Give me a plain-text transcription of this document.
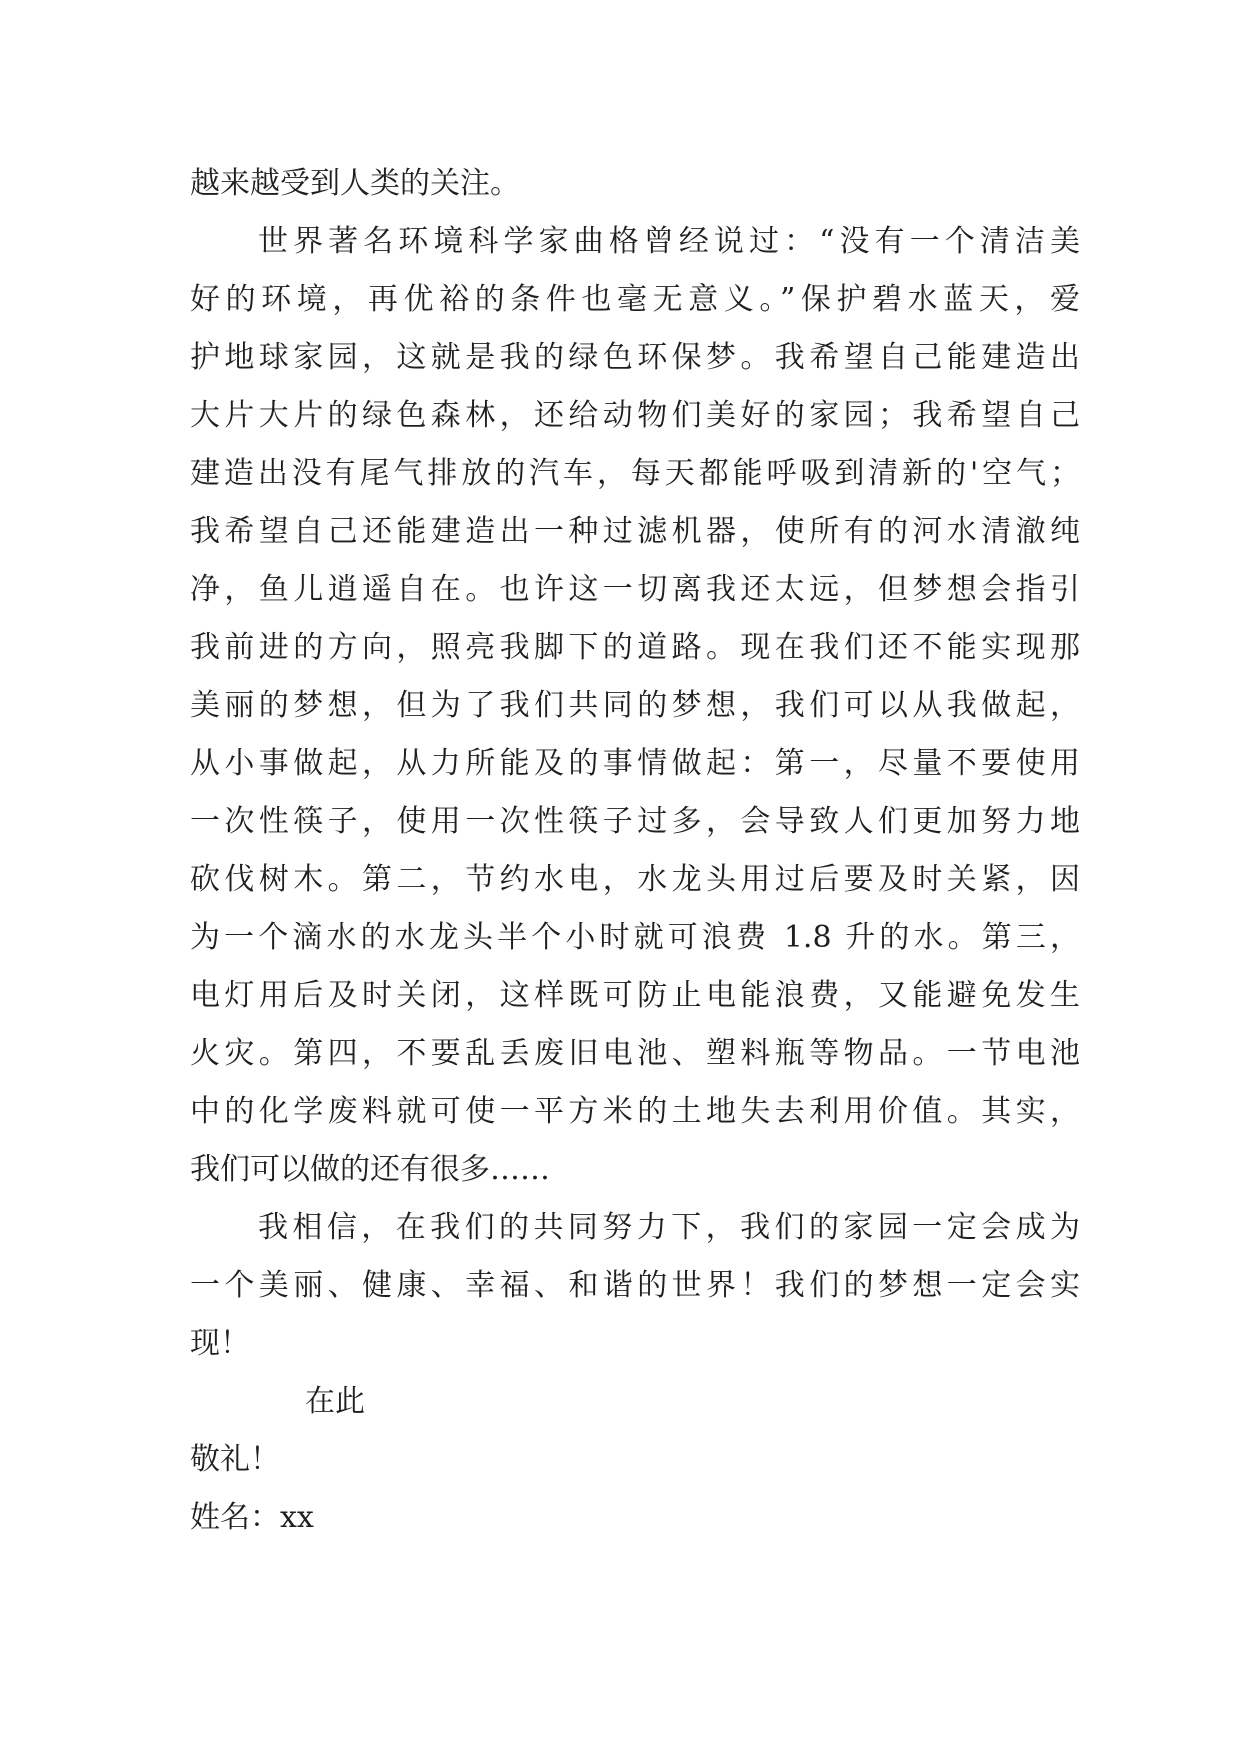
越来越受到人类的关注。
世界著名环境科学家曲格曾经说过：“没有一个清洁美
好的环境，再优裕的条件也毫无意义。”保护碧水蓝天，爱
护地球家园，这就是我的绿色环保梦。我希望自己能建造出
大片大片的绿色森林，还给动物们美好的家园；我希望自己
建造出没有尾气排放的汽车，每天都能呼吸到清新的'空气；
我希望自己还能建造出一种过滤机器，使所有的河水清澈纯
净，鱼儿逍遥自在。也许这一切离我还太远，但梦想会指引
我前进的方向，照亮我脚下的道路。现在我们还不能实现那
美丽的梦想，但为了我们共同的梦想，我们可以从我做起，
从小事做起，从力所能及的事情做起：第一，尽量不要使用
一次性筷子，使用一次性筷子过多，会导致人们更加努力地
砍伐树木。第二，节约水电，水龙头用过后要及时关紧，因
为一个滴水的水龙头半个小时就可浪费 1.8 升的水。第三，
电灯用后及时关闭，这样既可防止电能浪费，又能避免发生
火灾。第四，不要乱丢废旧电池、塑料瓶等物品。一节电池
中的化学废料就可使一平方米的土地失去利用价值。其实，
我们可以做的还有很多……
我相信，在我们的共同努力下，我们的家园一定会成为
一个美丽、健康、幸福、和谐的世界！我们的梦想一定会实
现！
在此
敬礼！
姓名：xx
